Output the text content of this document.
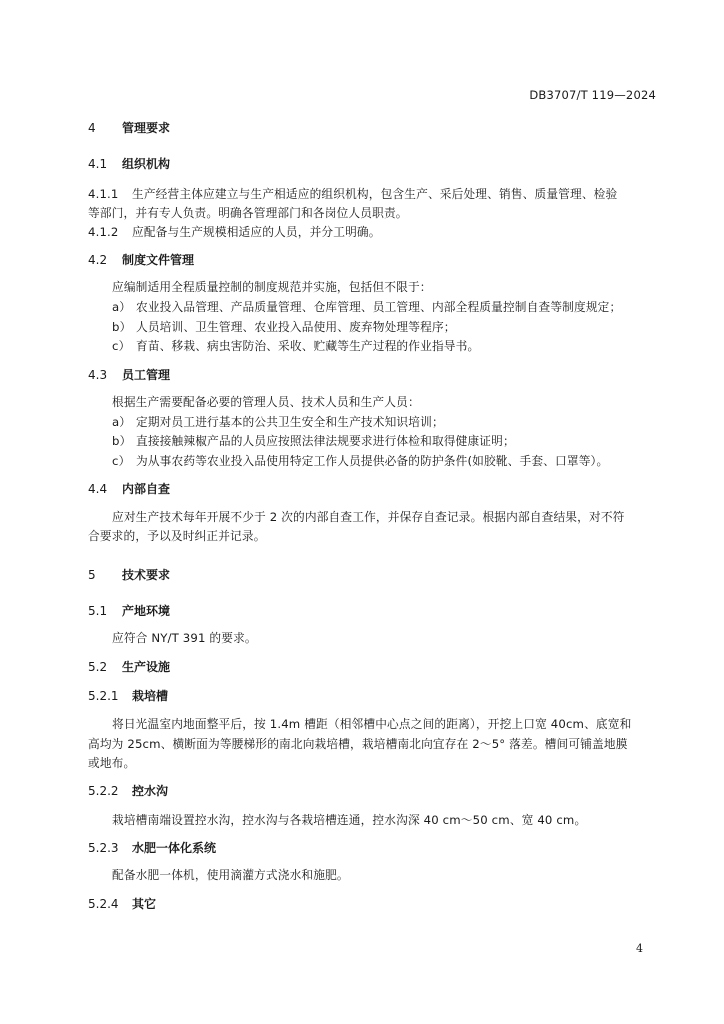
DB3707/T 119—2024
4 管理要求
4.1 组织机构
4.1.1 生产经营主体应建立与生产相适应的组织机构，包含生产、采后处理、销售、质量管理、检验
等部门，并有专人负责。明确各管理部门和各岗位人员职责。
4.1.2 应配备与生产规模相适应的人员，并分工明确。
4.2 制度文件管理
应编制适用全程质量控制的制度规范并实施，包括但不限于：
a） 农业投入品管理、产品质量管理、仓库管理、员工管理、内部全程质量控制自查等制度规定；
b） 人员培训、卫生管理、农业投入品使用、废弃物处理等程序；
c） 育苗、移栽、病虫害防治、采收、贮藏等生产过程的作业指导书。
4.3 员工管理
根据生产需要配备必要的管理人员、技术人员和生产人员：
a） 定期对员工进行基本的公共卫生安全和生产技术知识培训；
b） 直接接触辣椒产品的人员应按照法律法规要求进行体检和取得健康证明；
c） 为从事农药等农业投入品使用特定工作人员提供必备的防护条件(如胶靴、手套、口罩等）。
4.4 内部自查
应对生产技术每年开展不少于 2 次的内部自查工作，并保存自查记录。根据内部自查结果，对不符
合要求的，予以及时纠正并记录。
5 技术要求
5.1 产地环境
应符合 NY/T 391 的要求。
5.2 生产设施
5.2.1 栽培槽
将日光温室内地面整平后，按 1.4m 槽距（相邻槽中心点之间的距离），开挖上口宽 40cm、底宽和
高均为 25cm、横断面为等腰梯形的南北向栽培槽，栽培槽南北向宜存在 2～5° 落差。槽间可铺盖地膜
或地布。
5.2.2 控水沟
栽培槽南端设置控水沟，控水沟与各栽培槽连通，控水沟深 40 cm～50 cm、宽 40 cm。
5.2.3 水肥一体化系统
配备水肥一体机，使用滴灌方式浇水和施肥。
5.2.4 其它
4
